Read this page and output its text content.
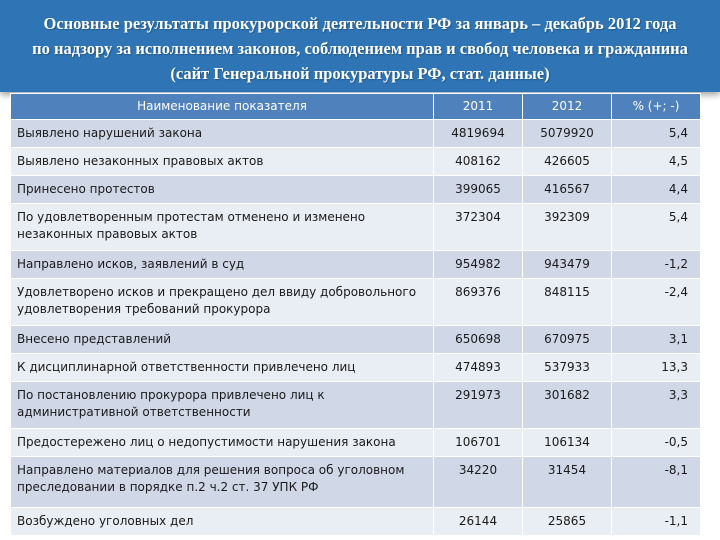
Основные результаты прокурорской деятельности РФ за январь – декабрь 2012 года
по надзору за исполнением законов, соблюдением прав и свобод человека и гражданина
(сайт Генеральной прокуратуры РФ, стат. данные)
Наименование показателя	2011	2012	% (+; -)
Выявлено нарушений закона	4819694	5079920	5,4
Выявлено незаконных правовых актов	408162	426605	4,5
Принесено протестов	399065	416567	4,4
По удовлетворенным протестам отменено и изменено незаконных правовых актов	372304	392309	5,4
Направлено исков, заявлений в суд	954982	943479	-1,2
Удовлетворено исков и прекращено дел ввиду добровольного удовлетворения требований прокурора	869376	848115	-2,4
Внесено представлений	650698	670975	3,1
К дисциплинарной ответственности привлечено лиц	474893	537933	13,3
По постановлению прокурора привлечено лиц к административной ответственности	291973	301682	3,3
Предостережено лиц о недопустимости нарушения закона	106701	106134	-0,5
Направлено материалов для решения вопроса об уголовном преследовании в порядке п.2 ч.2 ст. 37 УПК РФ	34220	31454	-8,1
Возбуждено уголовных дел	26144	25865	-1,1
